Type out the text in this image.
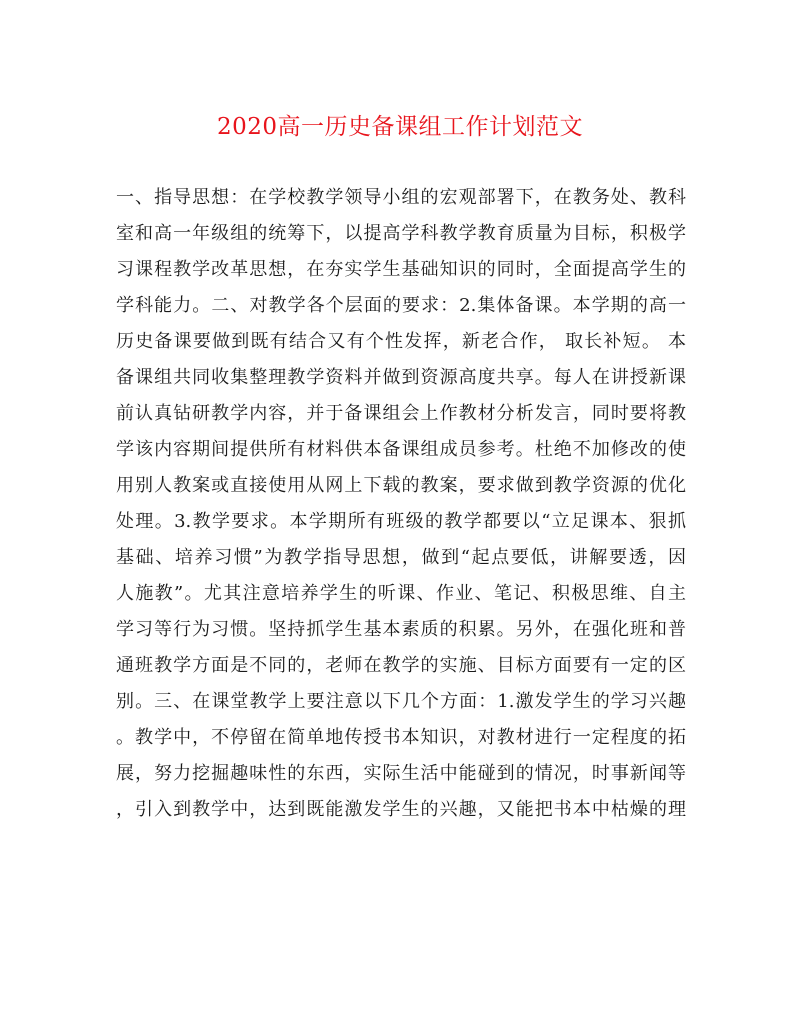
2020高一历史备课组工作计划范文
一、指导思想：在学校教学领导小组的宏观部署下，在教务处、教科
室和高一年级组的统筹下，以提高学科教学教育质量为目标，积极学
习课程教学改革思想，在夯实学生基础知识的同时，全面提高学生的
学科能力。二、对教学各个层面的要求：2.集体备课。本学期的高一
历史备课要做到既有结合又有个性发挥，新老合作， 取长补短。 本
备课组共同收集整理教学资料并做到资源高度共享。每人在讲授新课
前认真钻研教学内容，并于备课组会上作教材分析发言，同时要将教
学该内容期间提供所有材料供本备课组成员参考。杜绝不加修改的使
用别人教案或直接使用从网上下载的教案，要求做到教学资源的优化
处理。3.教学要求。本学期所有班级的教学都要以“立足课本、狠抓
基础、培养习惯”为教学指导思想，做到“起点要低，讲解要透，因
人施教”。尤其注意培养学生的听课、作业、笔记、积极思维、自主
学习等行为习惯。坚持抓学生基本素质的积累。另外，在强化班和普
通班教学方面是不同的，老师在教学的实施、目标方面要有一定的区
别。三、在课堂教学上要注意以下几个方面：1.激发学生的学习兴趣
。教学中，不停留在简单地传授书本知识，对教材进行一定程度的拓
展，努力挖掘趣味性的东西，实际生活中能碰到的情况，时事新闻等
，引入到教学中，达到既能激发学生的兴趣，又能把书本中枯燥的理
